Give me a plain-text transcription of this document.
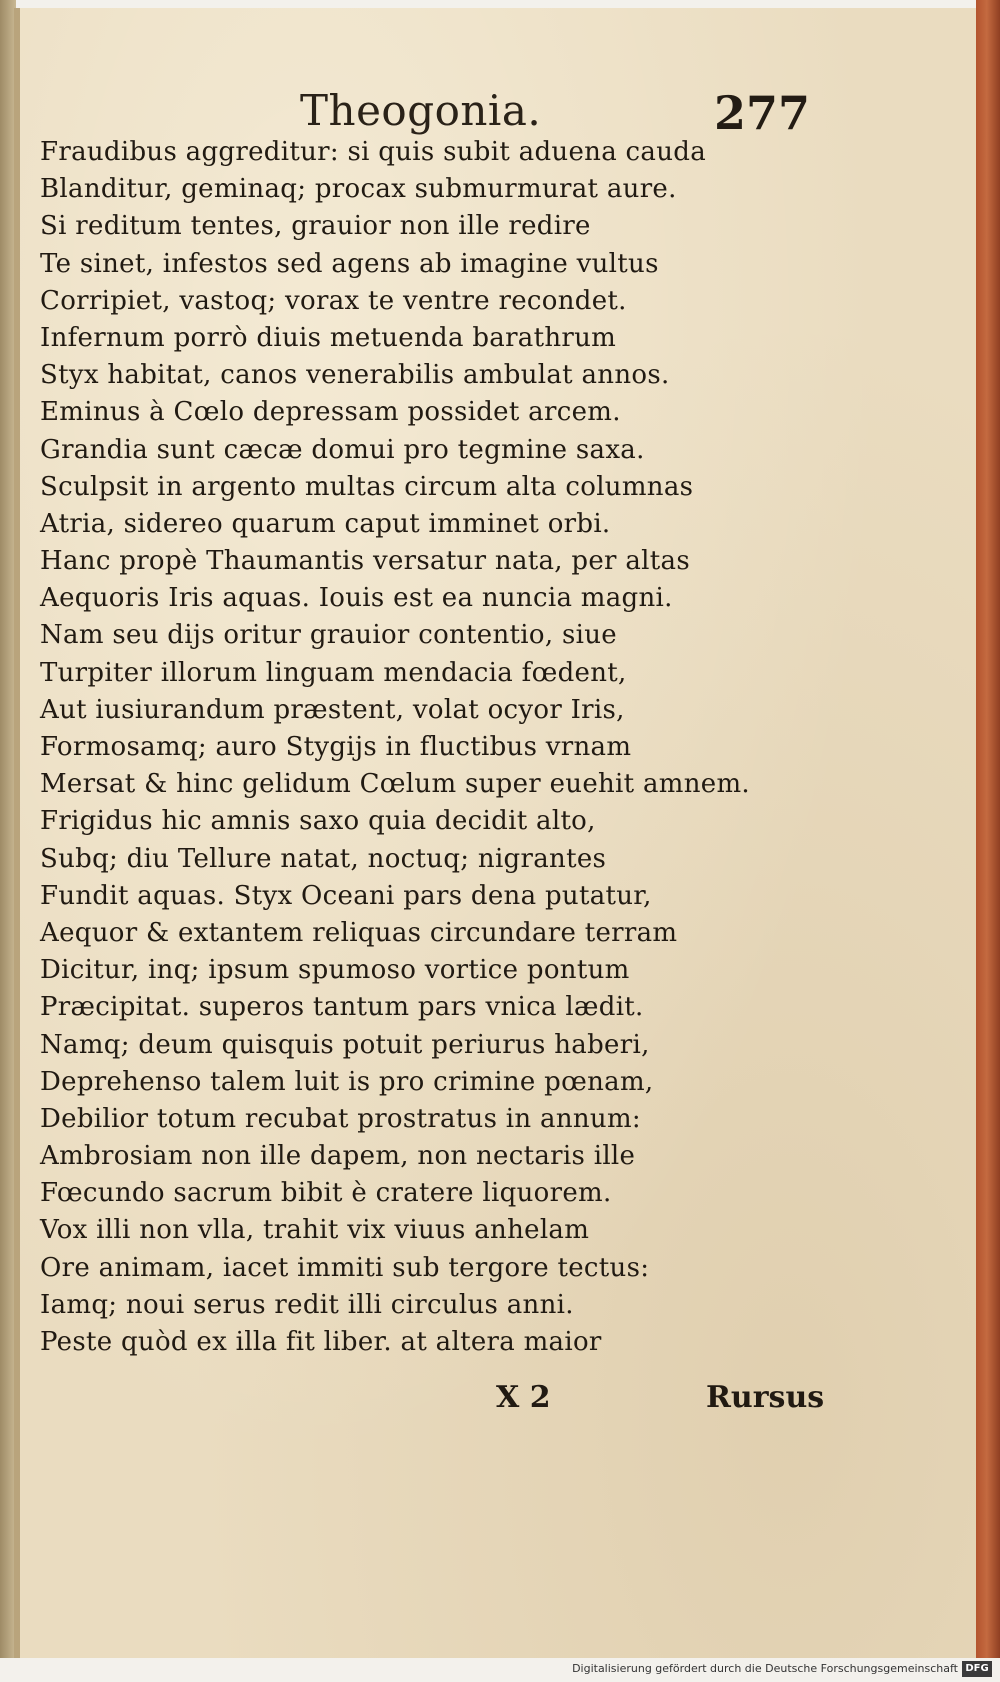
Theogonia.	277
Fraudibus aggreditur: si quis subit aduena cauda
Blanditur, geminaq; procax submurmurat aure.
Si reditum tentes, grauior non ille redire
Te sinet, infestos sed agens ab imagine vultus
Corripiet, vastoq; vorax te ventre recondet.
Infernum porrò diuis metuenda barathrum
Styx habitat, canos venerabilis ambulat annos.
Eminus à Cœlo depressam possidet arcem.
Grandia sunt cæcæ domui pro tegmine saxa.
Sculpsit in argento multas circum alta columnas
Atria, sidereo quarum caput imminet orbi.
Hanc propè Thaumantis versatur nata, per altas
Aequoris Iris aquas. Iouis est ea nuncia magni.
Nam seu dijs oritur grauior contentio, siue
Turpiter illorum linguam mendacia fœdent,
Aut iusiurandum præstent, volat ocyor Iris,
Formosamq; auro Stygijs in fluctibus vrnam
Mersat & hinc gelidum Cœlum super euehit amnem.
Frigidus hic amnis saxo quia decidit alto,
Subq; diu Tellure natat, noctuq; nigrantes
Fundit aquas. Styx Oceani pars dena putatur,
Aequor & extantem reliquas circundare terram
Dicitur, inq; ipsum spumoso vortice pontum
Præcipitat. superos tantum pars vnica lædit.
Namq; deum quisquis potuit periurus haberi,
Deprehenso talem luit is pro crimine pœnam,
Debilior totum recubat prostratus in annum:
Ambrosiam non ille dapem, non nectaris ille
Fœcundo sacrum bibit è cratere liquorem.
Vox illi non vlla, trahit vix viuus anhelam
Ore animam, iacet immiti sub tergore tectus:
Iamq; noui serus redit illi circulus anni.
Peste quòd ex illa fit liber. at altera maior
X 2	Rursus
Digitalisierung gefördert durch die Deutsche Forschungsgemeinschaft DFG
